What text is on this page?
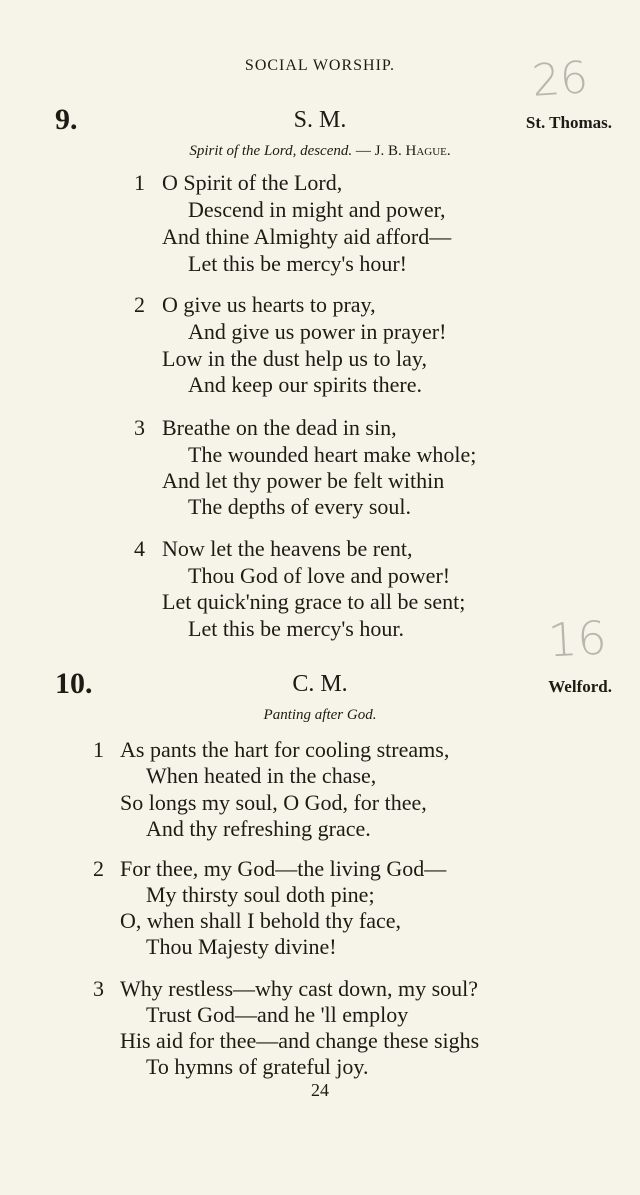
SOCIAL WORSHIP.	26
16
9.	S. M.	St. Thomas.
Spirit of the Lord, descend. — J. B. Hague.
1 O Spirit of the Lord,
Descend in might and power,
And thine Almighty aid afford—
Let this be mercy's hour!
2 O give us hearts to pray,
And give us power in prayer!
Low in the dust help us to lay,
And keep our spirits there.
3 Breathe on the dead in sin,
The wounded heart make whole;
And let thy power be felt within
The depths of every soul.
4 Now let the heavens be rent,
Thou God of love and power!
Let quick'ning grace to all be sent;
Let this be mercy's hour.
10.	C. M.	Welford.
Panting after God.
1 As pants the hart for cooling streams,
When heated in the chase,
So longs my soul, O God, for thee,
And thy refreshing grace.
2 For thee, my God—the living God—
My thirsty soul doth pine;
O, when shall I behold thy face,
Thou Majesty divine!
3 Why restless—why cast down, my soul?
Trust God—and he 'll employ
His aid for thee—and change these sighs
To hymns of grateful joy.
24
